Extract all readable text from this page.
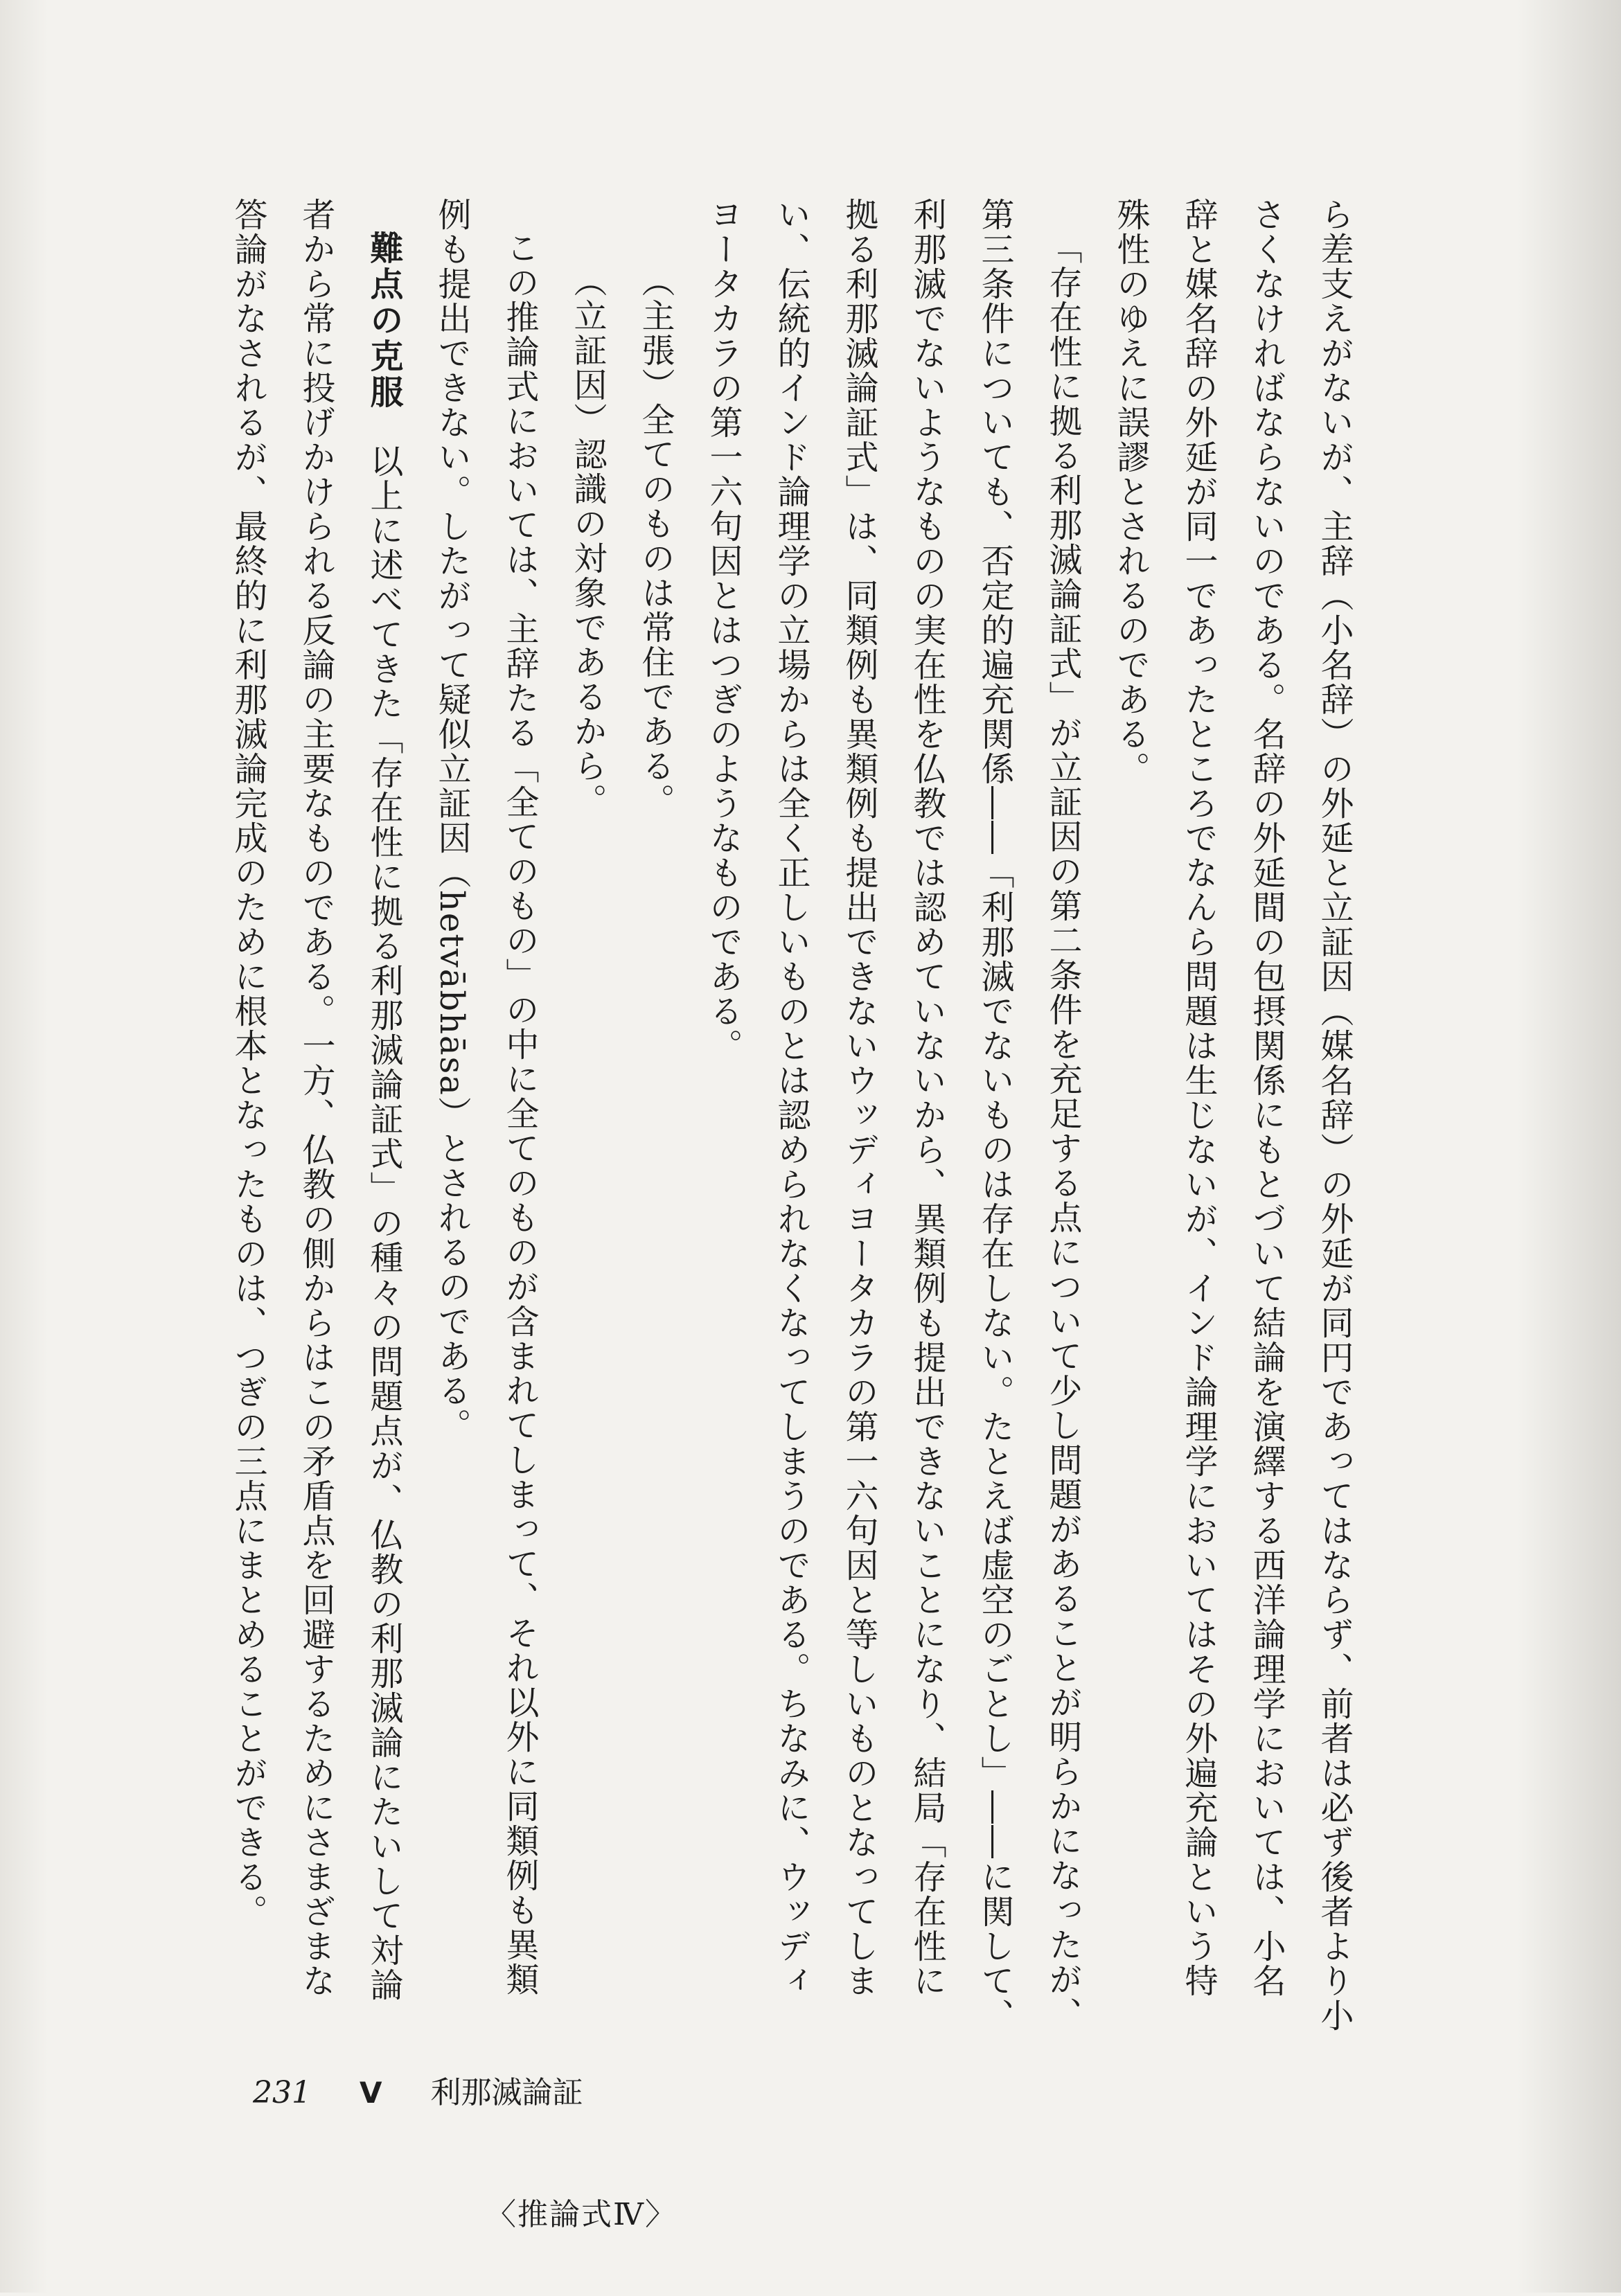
ら差支えがないが、主辞（小名辞）の外延と立証因（媒名辞）の外延が同円であってはならず、前者は必ず後者より小

さくなければならないのである。名辞の外延間の包摂関係にもとづいて結論を演繹する西洋論理学においては、小名

辞と媒名辞の外延が同一であったところでなんら問題は生じないが、インド論理学においてはその外遍充論という特

殊性のゆえに誤謬とされるのである。

「存在性に拠る利那滅論証式」が立証因の第二条件を充足する点について少し問題があることが明らかになったが、

第三条件についても、否定的遍充関係――「利那滅でないものは存在しない。たとえば虚空のごとし」――に関して、

利那滅でないようなものの実在性を仏教では認めていないから、異類例も提出できないことになり、結局「存在性に

拠る利那滅論証式」は、同類例も異類例も提出できないウッディヨータカラの第一六句因と等しいものとなってしま

い、伝統的インド論理学の立場からは全く正しいものとは認められなくなってしまうのである。ちなみに、ウッディ

ヨータカラの第一六句因とはつぎのようなものである。

（主張）全てのものは常住である。

（立証因）認識の対象であるから。

この推論式においては、主辞たる「全てのもの」の中に全てのものが含まれてしまって、それ以外に同類例も異類
〈推論式Ⅳ〉

例も提出できない。したがって疑似立証因（hetvābhāsa）とされるのである。

難点の克服以上に述べてきた「存在性に拠る利那滅論証式」の種々の問題点が、仏教の利那滅論にたいして対論

者から常に投げかけられる反論の主要なものである。一方、仏教の側からはこの矛盾点を回避するためにさまざまな

答論がなされるが、最終的に利那滅論完成のために根本となったものは、つぎの三点にまとめることができる。

231 V 利那滅論証
